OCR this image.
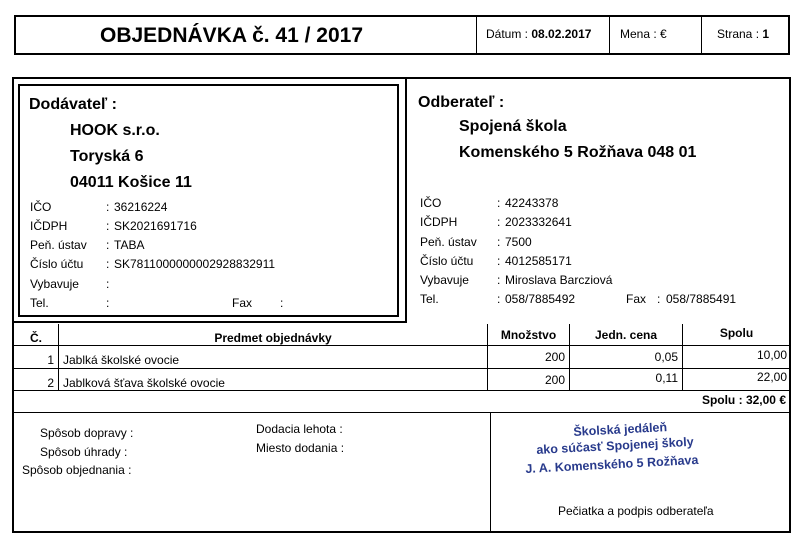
OBJEDNÁVKA č. 41 / 2017	Dátum : 08.02.2017 Mena : €	Strana : 1
Dodávateľ :
HOOK s.r.o.
Toryská 6
04011 Košice 11
IČO	: 36216224
IČDPH	: SK2021691716
Peň. ústav : TABA
Číslo účtu : SK7811000000002928832911
Vybavuje :
Tel.	:	Fax :
Odberateľ :
Spojená škola
Komenského 5 Rožňava 048 01
IČO	: 42243378
IČDPH	: 2023332641
Peň. ústav : 7500
Číslo účtu : 4012585171
Vybavuje : Miroslava Barcziová
Tel.	: 058/7885492	Fax : 058/7885491
Č.	Predmet objednávky	Množstvo	Jedn. cena	Spolu
1 Jablká školské ovocie	200	0,05	10,00
2 Jablková šťava školské ovocie	200	0,11	22,00
Spolu : 32,00 €
Spôsob dopravy :
Spôsob úhrady :
Spôsob objednania :
Dodacia lehota :
Miesto dodania :
Školská jedáleň
ako súčasť Spojenej školy
J. A. Komenského 5 Rožňava
Pečiatka a podpis odberateľa
